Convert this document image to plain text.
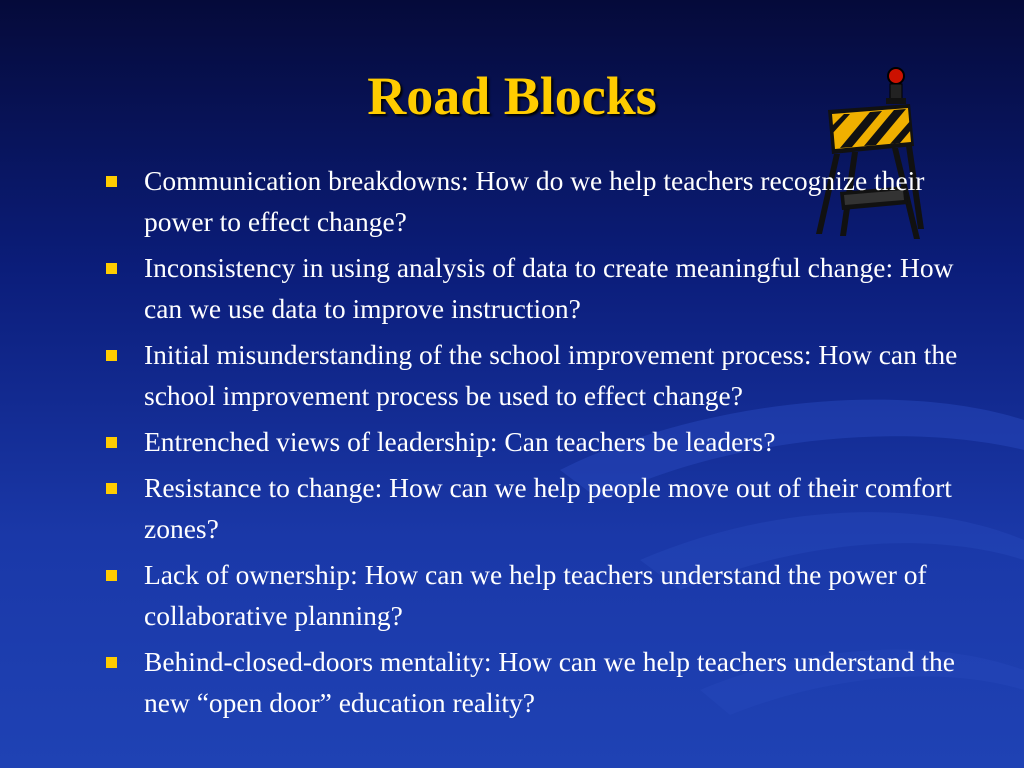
Road Blocks
Communication breakdowns: How do we help teachers recognize their power to effect change?
Inconsistency in using analysis of data to create meaningful change: How can we use data to improve instruction?
Initial misunderstanding of the school improvement process: How can the school improvement process be used to effect change?
Entrenched views of leadership: Can teachers be leaders?
Resistance to change: How can we help people move out of their comfort zones?
Lack of ownership: How can we help teachers understand the power of collaborative planning?
Behind-closed-doors mentality: How can we help teachers understand the new “open door” education reality?
